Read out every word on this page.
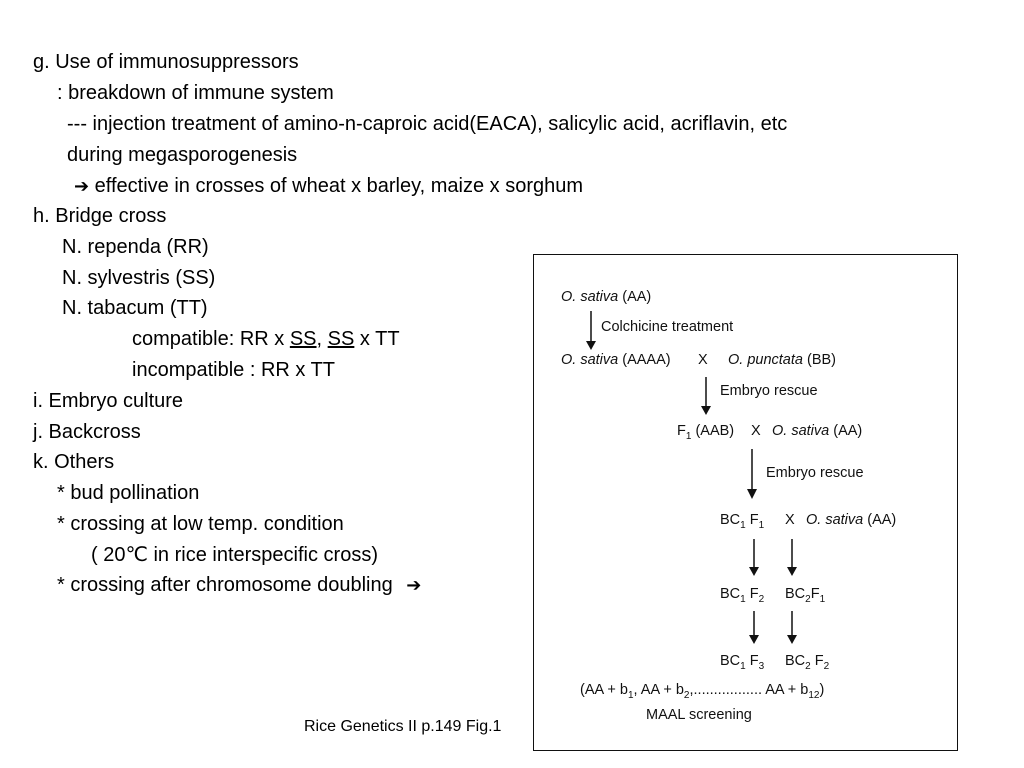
g. Use of immunosuppressors
: breakdown of immune system
--- injection treatment of amino-n-caproic acid(EACA), salicylic acid, acriflavin, etc
during megasporogenesis
➔ effective in crosses of wheat x barley, maize x sorghum
h. Bridge cross
N. rependa (RR)
N. sylvestris (SS)
N. tabacum (TT)
compatible: RR x SS, SS x TT
incompatible : RR x TT
i. Embryo culture
j. Backcross
k. Others
* bud pollination
* crossing at low temp. condition
( 20℃ in rice interspecific cross)
* crossing after chromosome doubling ➔
O. sativa (AA)
Colchicine treatment
O. sativa (AAAA) X O. punctata (BB)
Embryo rescue
$F_1$ (AAB) X O. sativa (AA)
Embryo rescue
$BC_1$ $F_1$ X O. sativa (AA)
$BC_1$ $F_2$ $BC_2F_1$
$BC_1$ $F_3$ $BC_2$ $F_2$
($AA + b_1$, AA + $b_2$,................. AA + $b_{12}$)
MAAL screening
Rice Genetics II p.149 Fig.1
